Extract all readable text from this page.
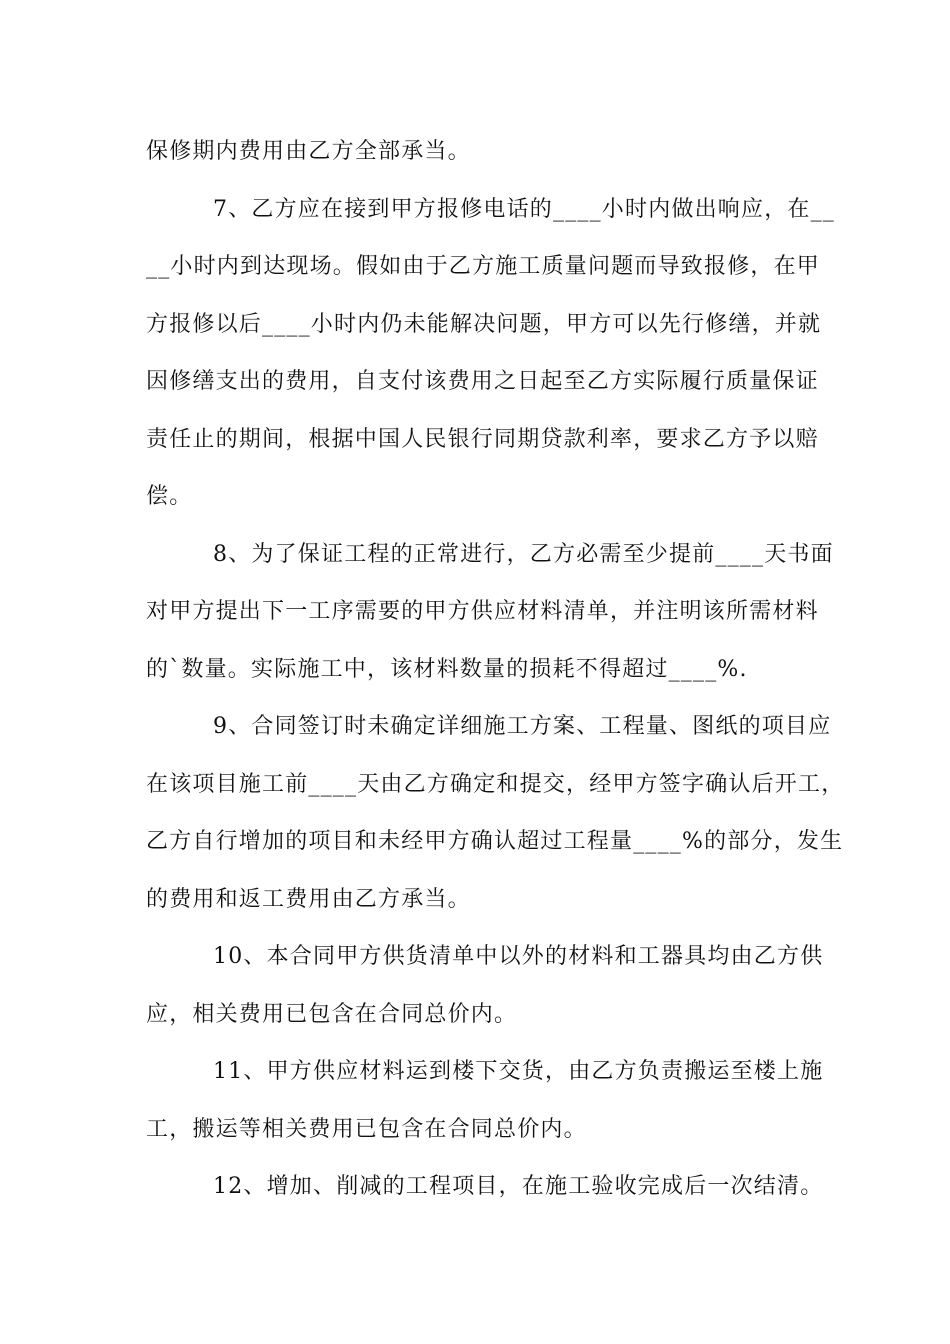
保修期内费用由乙方全部承当。
7、乙方应在接到甲方报修电话的____小时内做出响应，在__
__小时内到达现场。假如由于乙方施工质量问题而导致报修，在甲
方报修以后____小时内仍未能解决问题，甲方可以先行修缮，并就
因修缮支出的费用，自支付该费用之日起至乙方实际履行质量保证
责任止的期间，根据中国人民银行同期贷款利率，要求乙方予以赔
偿。
8、为了保证工程的正常进行，乙方必需至少提前____天书面
对甲方提出下一工序需要的甲方供应材料清单，并注明该所需材料
的`数量。实际施工中，该材料数量的损耗不得超过____%.
9、合同签订时未确定详细施工方案、工程量、图纸的项目应
在该项目施工前____天由乙方确定和提交，经甲方签字确认后开工，
乙方自行增加的项目和未经甲方确认超过工程量____%的部分，发生
的费用和返工费用由乙方承当。
10、本合同甲方供货清单中以外的材料和工器具均由乙方供
应，相关费用已包含在合同总价内。
11、甲方供应材料运到楼下交货，由乙方负责搬运至楼上施
工，搬运等相关费用已包含在合同总价内。
12、增加、削减的工程项目，在施工验收完成后一次结清。
